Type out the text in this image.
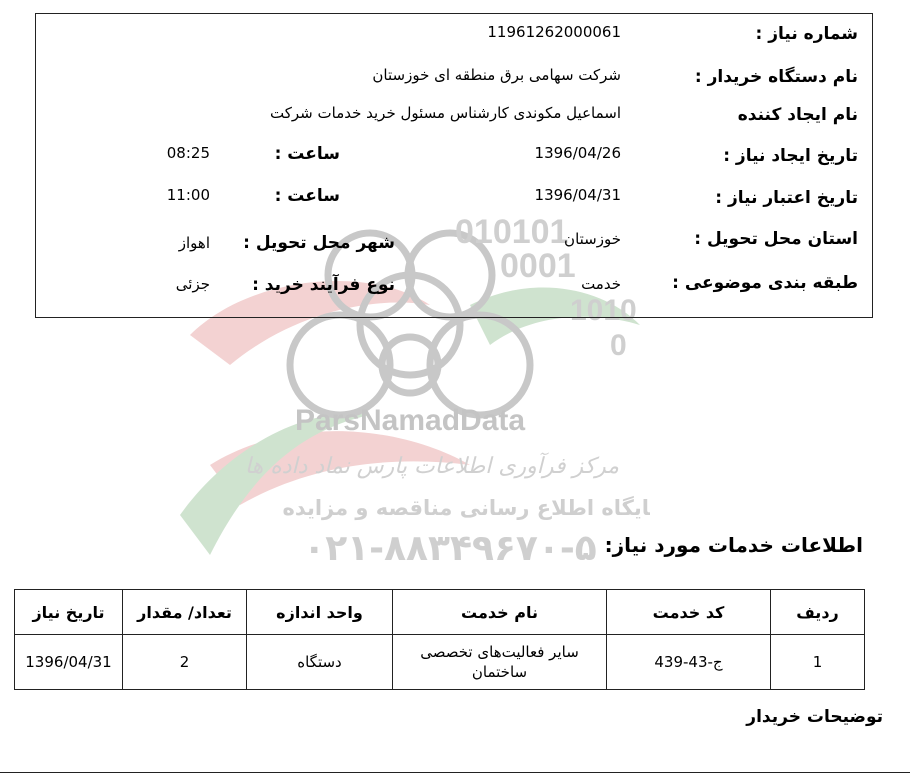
010101
0001
1010
0
ParsNamadData
مرکز فرآوری اطلاعات پارس نماد داده ها
پایگاه اطلاع رسانی مناقصه و مزایده
۰۲۱-۸۸۳۴۹۶۷۰-۵
شماره نیاز :
11961262000061
نام دستگاه خریدار :
شرکت سهامی برق منطقه ای خوزستان
نام ایجاد کننده
اسماعیل مکوندی کارشناس مسئول خرید خدمات شرکت
تاریخ ایجاد نیاز :
1396/04/26
ساعت :
08:25
تاریخ اعتبار نیاز :
1396/04/31
ساعت :
11:00
استان محل تحویل :
خوزستان
شهر محل تحویل :
اهواز
طبقه بندی موضوعی :
خدمت
نوع فرآیند خرید :
جزئی
اطلاعات خدمات مورد نیاز:
ردیف	کد خدمت	نام خدمت	واحد اندازه	تعداد/ مقدار	تاریخ نیاز
1	ج-43-439	سایر فعالیت‌های تخصصی ساختمان	دستگاه	2	1396/04/31
توضیحات خریدار
